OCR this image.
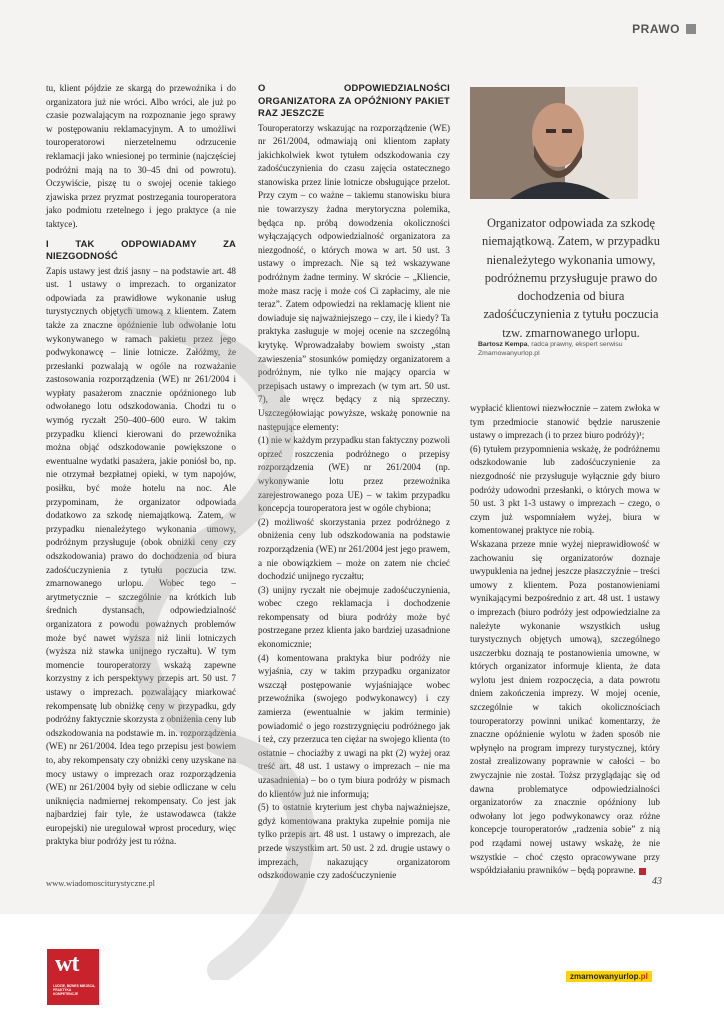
PRAWO

tu, klient pójdzie ze skargą do przewoźnika i do organizatora już nie wróci. Albo wróci, ale już po czasie pozwalającym na rozpoznanie jego sprawy w postępowaniu reklamacyjnym. A to umożliwi touroperatorowi nierzetelnemu odrzucenie reklamacji jako wniesionej po terminie (najczęściej podróżni mają na to 30–45 dni od powrotu). Oczywiście, piszę tu o swojej ocenie takiego zjawiska przez pryzmat postrzegania touroperatora jako podmiotu rzetelnego i jego praktyce (a nie taktyce).

I TAK ODPOWIADAMY ZA NIEZGODNOŚĆ

Zapis ustawy jest dziś jasny – na podstawie art. 48 ust. 1 ustawy o imprezach. to organizator odpowiada za prawidłowe wykonanie usług turystycznych objętych umową z klientem. Zatem także za znaczne opóźnienie lub odwołanie lotu wykonywanego w ramach pakietu przez jego podwykonawcę – linie lotnicze. Załóżmy, że przesłanki pozwalają w ogóle na rozważanie zastosowania rozporządzenia (WE) nr 261/2004 i wypłaty pasażerom znacznie opóźnionego lub odwołanego lotu odszkodowania. Chodzi tu o wymóg ryczałt 250–400–600 euro. W takim przypadku klienci kierowani do przewoźnika można objąć odszkodowanie powiększone o ewentualne wydatki pasażera, jakie poniósł bo, np. nie otrzymał bezpłatnej opieki, w tym napojów, posiłku, być może hotelu na noc. Ale przypominam, że organizator odpowiada dodatkowo za szkodę niemajątkową. Zatem, w przypadku nienależytego wykonania umowy, podróżnym przysługuje (obok obniżki ceny czy odszkodowania) prawo do dochodzenia od biura zadośćuczynienia z tytułu poczucia tzw. zmarnowanego urlopu. Wobec tego – arytmetycznie – szczególnie na krótkich lub średnich dystansach, odpowiedzialność organizatora z powodu poważnych problemów może być nawet wyższa niż linii lotniczych (wyższa niż stawka unijnego ryczałtu). W tym momencie touroperatorzy wskażą zapewne korzystny z ich perspektywy przepis art. 50 ust. 7 ustawy o imprezach. pozwalający miarkować rekompensatę lub obniżkę ceny w przypadku, gdy podróżny faktycznie skorzysta z obniżenia ceny lub odszkodowania na podstawie m. in. rozporządzenia (WE) nr 261/2004. Idea tego przepisu jest bowiem to, aby rekompensaty czy obniżki ceny uzyskane na mocy ustawy o imprezach oraz rozporządzenia (WE) nr 261/2004 były od siebie odliczane w celu uniknięcia nadmiernej rekompensaty. Co jest jak najbardziej fair tyle, że ustawodawca (także europejski) nie uregulował wprost procedury, więc praktyka biur podróży jest tu różna.

O ODPOWIEDZIALNOŚCI ORGANIZATORA ZA OPÓŹNIONY PAKIET RAZ JESZCZE

Touroperatorzy wskazując na rozporządzenie (WE) nr 261/2004, odmawiają oni klientom zapłaty jakichkolwiek kwot tytułem odszkodowania czy zadośćuczynienia do czasu zajęcia ostatecznego stanowiska przez linie lotnicze obsługujące przelot. Przy czym – co ważne – takiemu stanowisku biura nie towarzyszy żadna merytoryczna polemika, będąca np. próbą dowodzenia okoliczności wyłączających odpowiedzialność organizatora za niezgodność, o których mowa w art. 50 ust. 3 ustawy o imprezach. Nie są też wskazywane podróżnym żadne terminy. W skrócie – „Kliencie, może masz rację i może coś Ci zapłacimy, ale nie teraz”. Zatem odpowiedzi na reklamację klient nie dowiaduje się najważniejszego – czy, ile i kiedy? Ta praktyka zasługuje w mojej ocenie na szczególną krytykę. Wprowadzałaby bowiem swoisty „stan zawieszenia” stosunków pomiędzy organizatorem a podróżnym, nie tylko nie mający oparcia w przepisach ustawy o imprezach (w tym art. 50 ust. 7), ale wręcz będący z nią sprzeczny. Uszczegółowiając powyższe, wskażę ponownie na następujące elementy:

(1) nie w każdym przypadku stan faktyczny pozwoli oprzeć roszczenia podróżnego o przepisy rozporządzenia (WE) nr 261/2004 (np. wykonywanie lotu przez przewoźnika zarejestrowanego poza UE) – w takim przypadku koncepcja touroperatora jest w ogóle chybiona;

(2) możliwość skorzystania przez podróżnego z obniżenia ceny lub odszkodowania na podstawie rozporządzenia (WE) nr 261/2004 jest jego prawem, a nie obowiązkiem – może on zatem nie chcieć dochodzić unijnego ryczałtu;

(3) unijny ryczałt nie obejmuje zadośćuczynienia, wobec czego reklamacja i dochodzenie rekompensaty od biura podróży może być postrzegane przez klienta jako bardziej uzasadnione ekonomicznie;

(4) komentowana praktyka biur podróży nie wyjaśnia, czy w takim przypadku organizator wszczął postępowanie wyjaśniające wobec przewoźnika (swojego podwykonawcy) i czy zamierza (ewentualnie w jakim terminie) powiadomić o jego rozstrzygnięciu podróżnego jak i też, czy przerzuca ten ciężar na swojego klienta (to ostatnie – chociażby z uwagi na pkt (2) wyżej oraz treść art. 48 ust. 1 ustawy o imprezach – nie ma uzasadnienia) – bo o tym biura podróży w pismach do klientów już nie informują;

(5) to ostatnie kryterium jest chyba najważniejsze, gdyż komentowana praktyka zupełnie pomija nie tylko przepis art. 48 ust. 1 ustawy o imprezach, ale przede wszystkim art. 50 ust. 2 zd. drugie ustawy o imprezach, nakazujący organizatorom odszkodowanie czy zadośćuczynienie

Organizator odpowiada za szkodę niemajątkową. Zatem, w przypadku nienależytego wykonania umowy, podróżnemu przysługuje prawo do dochodzenia od biura zadośćuczynienia z tytułu poczucia tzw. zmarnowanego urlopu.
Bartosz Kempa, radca prawny, ekspert serwisu
Zmarnowanyurlop.pl

wypłacić klientowi niezwłocznie – zatem zwłoka w tym przedmiocie stanowić będzie naruszenie ustawy o imprezach (i to przez biuro podróży)¹;

(6) tytułem przypomnienia wskażę, że podróżnemu odszkodowanie lub zadośćuczynienie za niezgodność nie przysługuje wyłącznie gdy biuro podróży udowodni przesłanki, o których mowa w 50 ust. 3 pkt 1-3 ustawy o imprezach – czego, o czym już wspomniałem wyżej, biura w komentowanej praktyce nie robią.

Wskazana przeze mnie wyżej nieprawidłowość w zachowaniu się organizatorów doznaje uwypuklenia na jednej jeszcze płaszczyźnie – treści umowy z klientem. Poza postanowieniami wynikającymi bezpośrednio z art. 48 ust. 1 ustawy o imprezach (biuro podróży jest odpowiedzialne za należyte wykonanie wszystkich usług turystycznych objętych umową), szczególnego uszczerbku doznają te postanowienia umowne, w których organizator informuje klienta, że data wylotu jest dniem rozpoczęcia, a data powrotu dniem zakończenia imprezy. W mojej ocenie, szczególnie w takich okolicznościach touroperatorzy powinni unikać komentarzy, że znaczne opóźnienie wylotu w żaden sposób nie wpłynęło na program imprezy turystycznej, który został zrealizowany poprawnie w całości – bo zwyczajnie nie został. Toższ przyglądając się od dawna problematyce odpowiedzialności organizatorów za znacznie opóźniony lub odwołany lot jego podwykonawcy oraz różne koncepcje touroperatorów „radzenia sobie” z nią pod rządami nowej ustawy wskażę, że nie wszystkie – choć często opracowywane przy współdziałaniu prawników – będą poprawne.

www.wiadomosciturystyczne.pl	43
wt
LUDZIE, BIZNES MIEJSCA, PRAKTYKA KOMPETENCJE
zmarnowanyurlop.pl
